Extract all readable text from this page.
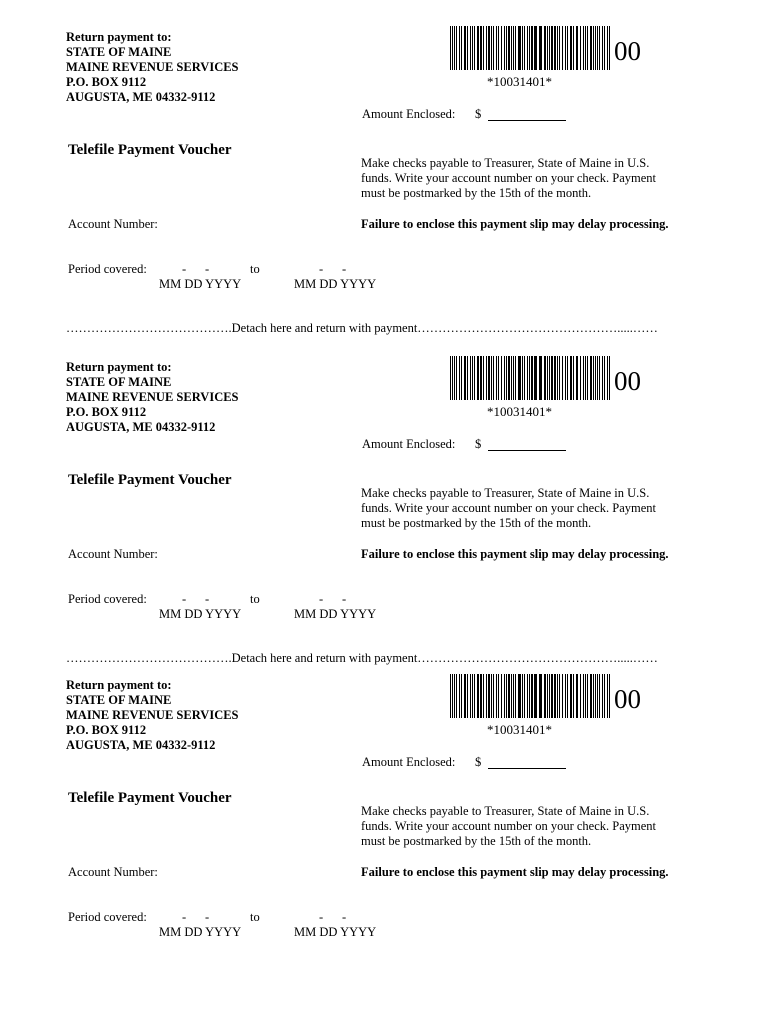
Return payment to:
STATE OF MAINE
MAINE REVENUE SERVICES
P.O. BOX 9112
AUGUSTA, ME 04332-9112
00
*10031401*
Amount Enclosed: $
Telefile Payment Voucher
Make checks payable to Treasurer, State of Maine in U.S.
funds. Write your account number on your check. Payment
must be postmarked by the 15th of the month.
Account Number:	Failure to enclose this payment slip may delay processing.
Period covered:	- -	to	- -
MM DD YYYY	MM DD YYYY
………………………………….Detach here and return with payment………………………………………….....……
Return payment to:
STATE OF MAINE
MAINE REVENUE SERVICES
P.O. BOX 9112
AUGUSTA, ME 04332-9112
00
*10031401*
Amount Enclosed: $
Telefile Payment Voucher
Make checks payable to Treasurer, State of Maine in U.S.
funds. Write your account number on your check. Payment
must be postmarked by the 15th of the month.
Account Number:	Failure to enclose this payment slip may delay processing.
Period covered:	- -	to	- -
MM DD YYYY	MM DD YYYY
………………………………….Detach here and return with payment………………………………………….....……
Return payment to:
STATE OF MAINE
MAINE REVENUE SERVICES
P.O. BOX 9112
AUGUSTA, ME 04332-9112
00
*10031401*
Amount Enclosed: $
Telefile Payment Voucher
Make checks payable to Treasurer, State of Maine in U.S.
funds. Write your account number on your check. Payment
must be postmarked by the 15th of the month.
Account Number:	Failure to enclose this payment slip may delay processing.
Period covered:	- -	to	- -
MM DD YYYY	MM DD YYYY
